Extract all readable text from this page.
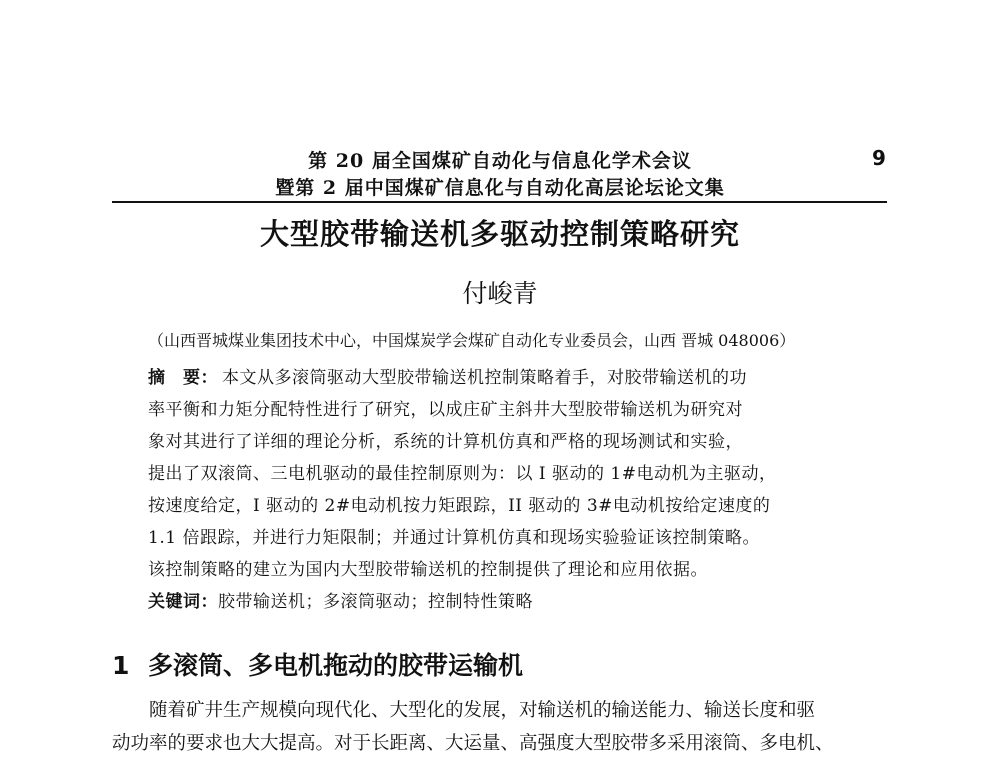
第 20 届全国煤矿自动化与信息化学术会议
暨第 2 届中国煤矿信息化与自动化高层论坛论文集
9
大型胶带输送机多驱动控制策略研究
付峻青
（山西晋城煤业集团技术中心，中国煤炭学会煤矿自动化专业委员会，山西 晋城 048006）
摘　要： 本文从多滚筒驱动大型胶带输送机控制策略着手，对胶带输送机的功
率平衡和力矩分配特性进行了研究，以成庄矿主斜井大型胶带输送机为研究对
象对其进行了详细的理论分析，系统的计算机仿真和严格的现场测试和实验，
提出了双滚筒、三电机驱动的最佳控制原则为：以 I 驱动的 1#电动机为主驱动，
按速度给定，I 驱动的 2#电动机按力矩跟踪，II 驱动的 3#电动机按给定速度的
1.1 倍跟踪，并进行力矩限制；并通过计算机仿真和现场实验验证该控制策略。
该控制策略的建立为国内大型胶带输送机的控制提供了理论和应用依据。
关键词：胶带输送机；多滚筒驱动；控制特性策略
1 多滚筒、多电机拖动的胶带运输机
随着矿井生产规模向现代化、大型化的发展，对输送机的输送能力、输送长度和驱
动功率的要求也大大提高。对于长距离、大运量、高强度大型胶带多采用滚筒、多电机、
